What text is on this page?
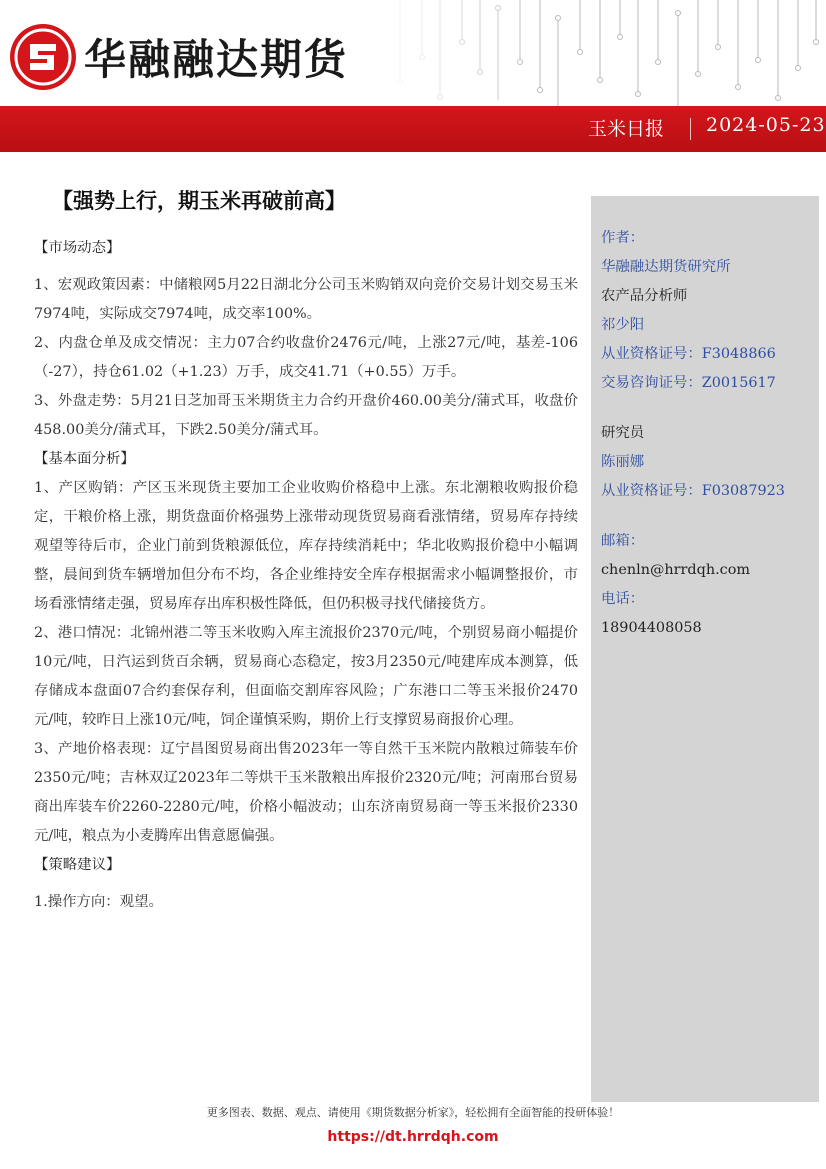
华融融达期货
玉米日报 2024-05-23
【强势上行，期玉米再破前高】

【市场动态】

1、宏观政策因素：中储粮网5月22日湖北分公司玉米购销双向竞价交易计划交易玉米7974吨，实际成交7974吨，成交率100%。

2、内盘仓单及成交情况：主力07合约收盘价2476元/吨，上涨27元/吨，基差-106（-27），持仓61.02（+1.23）万手，成交41.71（+0.55）万手。

3、外盘走势：5月21日芝加哥玉米期货主力合约开盘价460.00美分/蒲式耳，收盘价458.00美分/蒲式耳，下跌2.50美分/蒲式耳。

【基本面分析】

1、产区购销：产区玉米现货主要加工企业收购价格稳中上涨。东北潮粮收购报价稳定，干粮价格上涨，期货盘面价格强势上涨带动现货贸易商看涨情绪，贸易库存持续观望等待后市，企业门前到货粮源低位，库存持续消耗中；华北收购报价稳中小幅调整，晨间到货车辆增加但分布不均，各企业维持安全库存根据需求小幅调整报价，市场看涨情绪走强，贸易库存出库积极性降低，但仍积极寻找代储接货方。

2、港口情况：北锦州港二等玉米收购入库主流报价2370元/吨，个别贸易商小幅提价10元/吨，日汽运到货百余辆，贸易商心态稳定，按3月2350元/吨建库成本测算，低存储成本盘面07合约套保存利，但面临交割库容风险；广东港口二等玉米报价2470元/吨，较昨日上涨10元/吨，饲企谨慎采购，期价上行支撑贸易商报价心理。

3、产地价格表现：辽宁昌图贸易商出售2023年一等自然干玉米院内散粮过筛装车价2350元/吨；吉林双辽2023年二等烘干玉米散粮出库报价2320元/吨；河南邢台贸易商出库装车价2260-2280元/吨，价格小幅波动；山东济南贸易商一等玉米报价2330元/吨，粮点为小麦腾库出售意愿偏强。

【策略建议】

1.操作方向：观望。

作者：
华融融达期货研究所
农产品分析师
祁少阳
从业资格证号：F3048866
交易咨询证号：Z0015617
研究员
陈丽娜
从业资格证号：F03087923
邮箱：
chenln@hrrdqh.com
电话：
18904408058
更多图表、数据、观点、请使用《期货数据分析家》，轻松拥有全面智能的投研体验！
https://dt.hrrdqh.com
